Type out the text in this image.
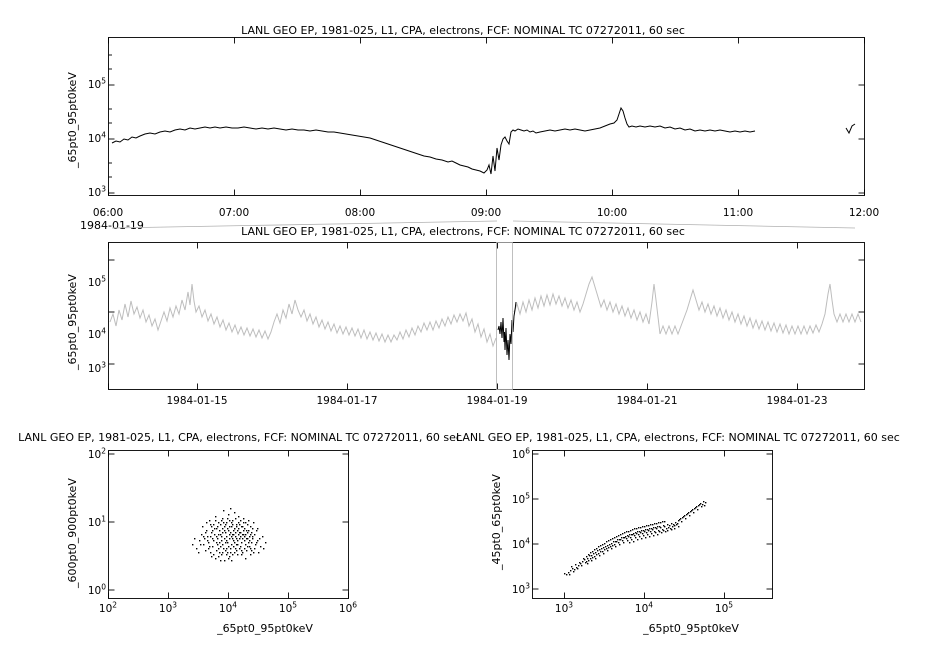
LANL GEO EP, 1981-025, L1, CPA, electrons, FCF: NOMINAL TC 07272011, 60 sec
_65pt0_95pt0keV $10^5$
$10^4$
$10^3$
06:00	07:00	08:00	09:00	10:00	11:00	12:00
1984-01-19	LANL GEO EP, 1981-025, L1, CPA, electrons, FCF: NOMINAL TC 07272011, 60 sec
_65pt0_95pt0keV $10^5$
$10^4$
$10^3$
1984-01-15	1984-01-17	1984-01-19	1984-01-21	1984-01-23
LANL GEO EP, 1981-025, L1, CPA, electrons, FCF: NOMINAL TC 07272011, 60 sec
_600pt0_900pt0keV
_65pt0_95pt0keV
$10^2$
$10^1$
$10^0$
$10^2$	$10^3$	$10^4$	$10^5$	$10^6$
LANL GEO EP, 1981-025, L1, CPA, electrons, FCF: NOMINAL TC 07272011, 60 sec
_45pt0_65pt0keV
_65pt0_95pt0keV
$10^6$
$10^5$
$10^4$
$10^3$
$10^3$	$10^4$	$10^5$
